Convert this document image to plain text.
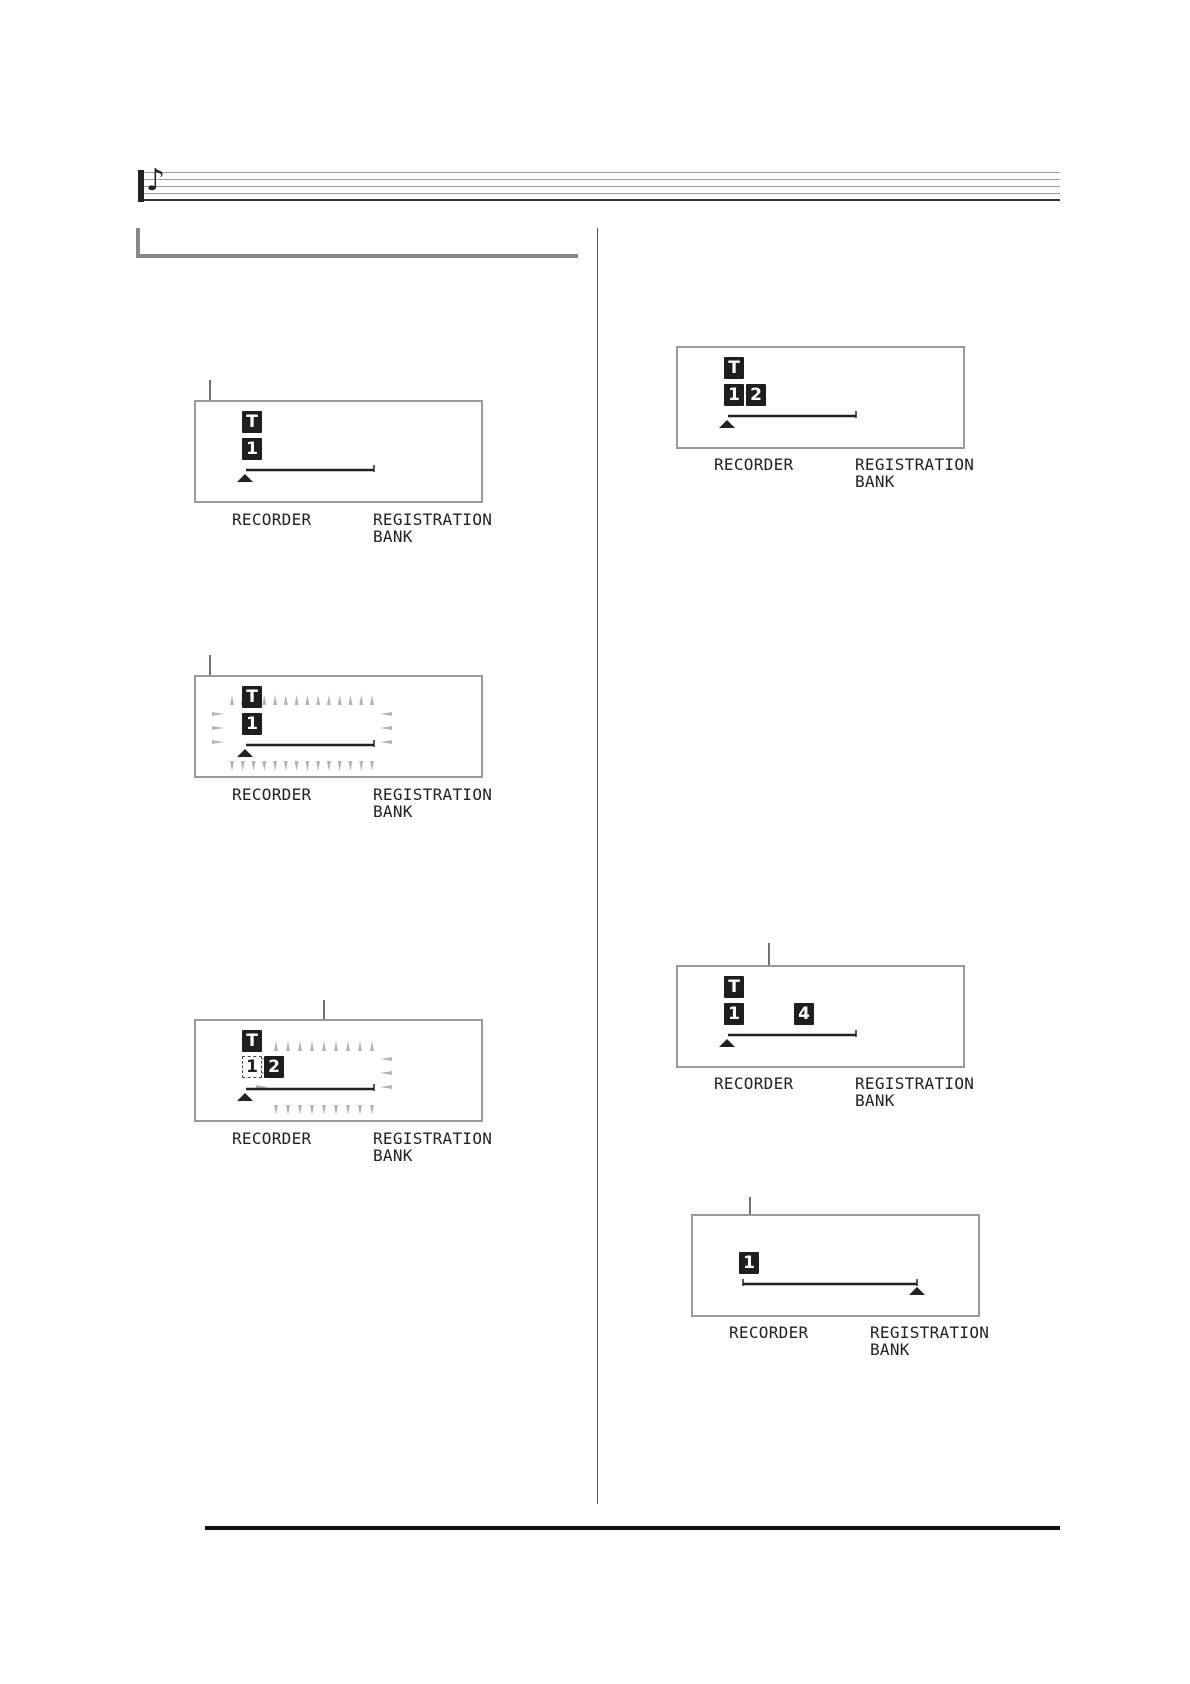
♪
T
1
RECORDER	REGISTRATION
BANK
T
1
RECORDER	REGISTRATION
BANK
T
1 2
RECORDER	REGISTRATION
BANK
T
1 2
RECORDER	REGISTRATION
BANK
T
1	4
RECORDER	REGISTRATION
BANK
1
RECORDER	REGISTRATION
BANK
